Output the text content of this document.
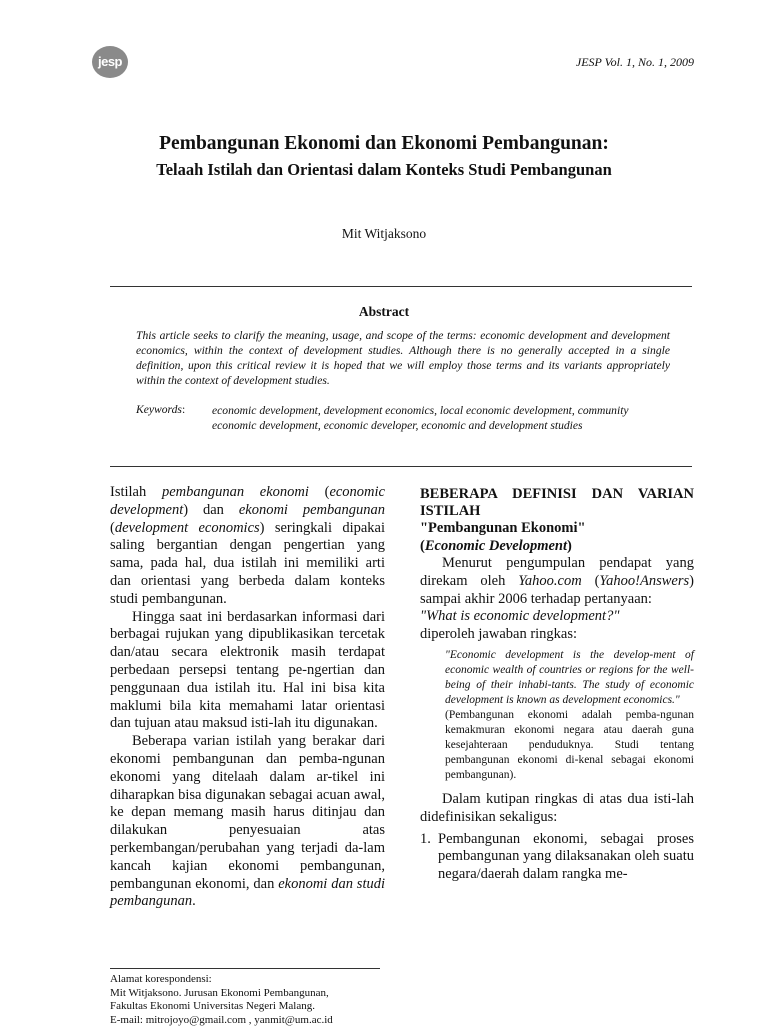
jesp	JESP Vol. 1, No. 1, 2009
Pembangunan Ekonomi dan Ekonomi Pembangunan:
Telaah Istilah dan Orientasi dalam Konteks Studi Pembangunan
Mit Witjaksono
Abstract
This article seeks to clarify the meaning, usage, and scope of the terms: economic development and development economics, within the context of development studies. Although there is no generally accepted in a single definition, upon this critical review it is hoped that we will employ those terms and its variants appropriately within the context of development studies.
Keywords: economic development, development economics, local economic development, community economic development, economic developer, economic and development studies

Istilah pembangunan ekonomi (economic development) dan ekonomi pembangunan (development economics) seringkali dipakai saling bergantian dengan pengertian yang sama, pada hal, dua istilah ini memiliki arti dan orientasi yang berbeda dalam konteks studi pembangunan.

Hingga saat ini berdasarkan informasi dari berbagai rujukan yang dipublikasikan tercetak dan/atau secara elektronik masih terdapat perbedaan persepsi tentang pe-ngertian dan penggunaan dua istilah itu. Hal ini bisa kita maklumi bila kita memahami latar orientasi dan tujuan atau maksud isti-lah itu digunakan.

Beberapa varian istilah yang berakar dari ekonomi pembangunan dan pemba-ngunan ekonomi yang ditelaah dalam ar-tikel ini diharapkan bisa digunakan sebagai acuan awal, ke depan memang masih harus ditinjau dan dilakukan penyesuaian atas perkembangan/perubahan yang terjadi da-lam kancah kajian ekonomi pembangunan, pembangunan ekonomi, dan ekonomi dan studi pembangunan.

BEBERAPA DEFINISI DAN VARIAN ISTILAH

"Pembangunan Ekonomi"
(Economic Development)

Menurut pengumpulan pendapat yang direkam oleh Yahoo.com (Yahoo!Answers) sampai akhir 2006 terhadap pertanyaan:

"What is economic development?"

diperoleh jawaban ringkas:

"Economic development is the develop-ment of economic wealth of countries or regions for the well-being of their inhabi-tants. The study of economic development is known as development economics."
(Pembangunan ekonomi adalah pemba-ngunan kemakmuran ekonomi negara atau daerah guna kesejahteraan penduduknya. Studi tentang pembangunan ekonomi di-kenal sebagai ekonomi pembangunan).

Dalam kutipan ringkas di atas dua isti-lah didefinisikan sekaligus:

1. Pembangunan ekonomi, sebagai proses pembangunan yang dilaksanakan oleh suatu negara/daerah dalam rangka me-
Alamat korespondensi:
Mit Witjaksono. Jurusan Ekonomi Pembangunan,
Fakultas Ekonomi Universitas Negeri Malang.
E-mail: mitrojoyo@gmail.com , yanmit@um.ac.id
